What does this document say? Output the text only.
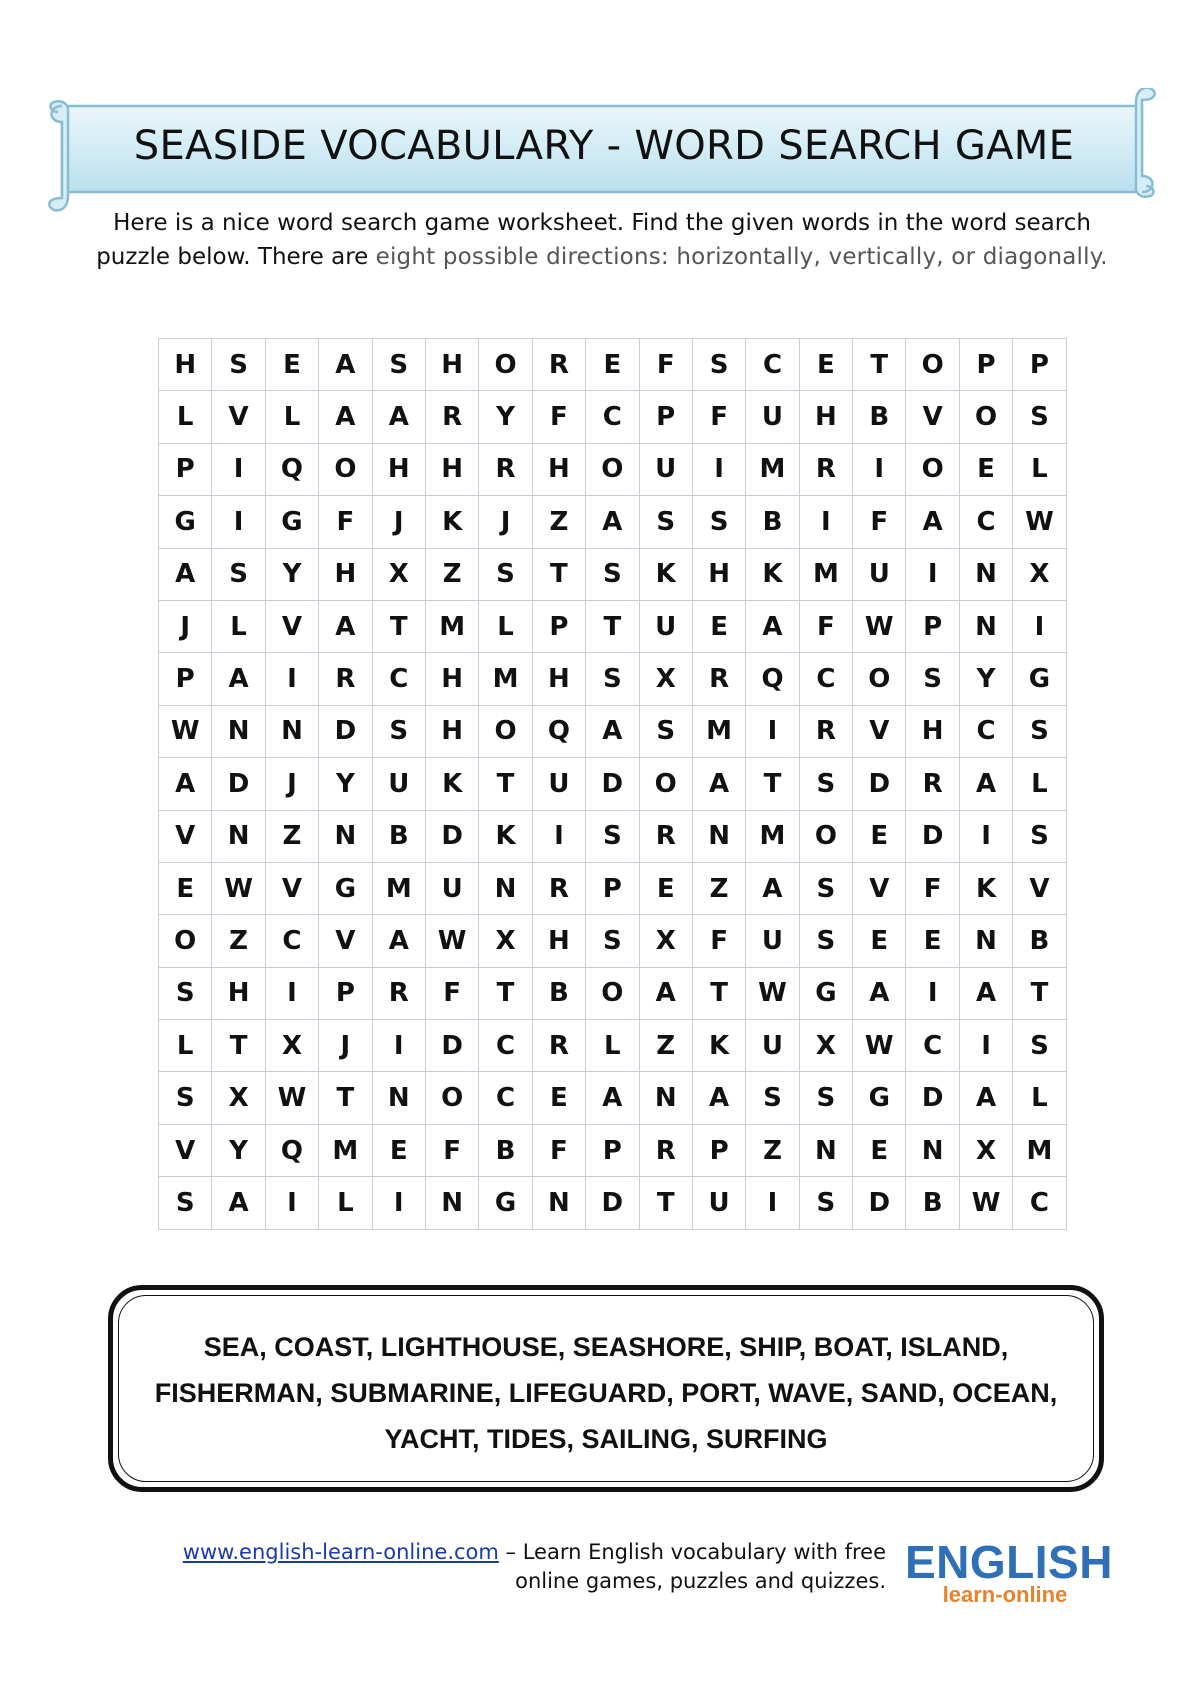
SEASIDE VOCABULARY - WORD SEARCH GAME
Here is a nice word search game worksheet. Find the given words in the word search
puzzle below. There are eight possible directions: horizontally, vertically, or diagonally.
H	S	E	A	S	H	O	R	E	F	S	C	E	T	O	P	P
L	V	L	A	A	R	Y	F	C	P	F	U	H	B	V	O	S
P	I	Q	O	H	H	R	H	O	U	I	M	R	I	O	E	L
G	I	G	F	J	K	J	Z	A	S	S	B	I	F	A	C	W
A	S	Y	H	X	Z	S	T	S	K	H	K	M	U	I	N	X
J	L	V	A	T	M	L	P	T	U	E	A	F	W	P	N	I
P	A	I	R	C	H	M	H	S	X	R	Q	C	O	S	Y	G
W	N	N	D	S	H	O	Q	A	S	M	I	R	V	H	C	S
A	D	J	Y	U	K	T	U	D	O	A	T	S	D	R	A	L
V	N	Z	N	B	D	K	I	S	R	N	M	O	E	D	I	S
E	W	V	G	M	U	N	R	P	E	Z	A	S	V	F	K	V
O	Z	C	V	A	W	X	H	S	X	F	U	S	E	E	N	B
S	H	I	P	R	F	T	B	O	A	T	W	G	A	I	A	T
L	T	X	J	I	D	C	R	L	Z	K	U	X	W	C	I	S
S	X	W	T	N	O	C	E	A	N	A	S	S	G	D	A	L
V	Y	Q	M	E	F	B	F	P	R	P	Z	N	E	N	X	M
S	A	I	L	I	N	G	N	D	T	U	I	S	D	B	W	C
SEA, COAST, LIGHTHOUSE, SEASHORE, SHIP, BOAT, ISLAND,
FISHERMAN, SUBMARINE, LIFEGUARD, PORT, WAVE, SAND, OCEAN,
YACHT, TIDES, SAILING, SURFING
www.english-learn-online.com – Learn English vocabulary with free
online games, puzzles and quizzes. ENGLISH
learn-online
